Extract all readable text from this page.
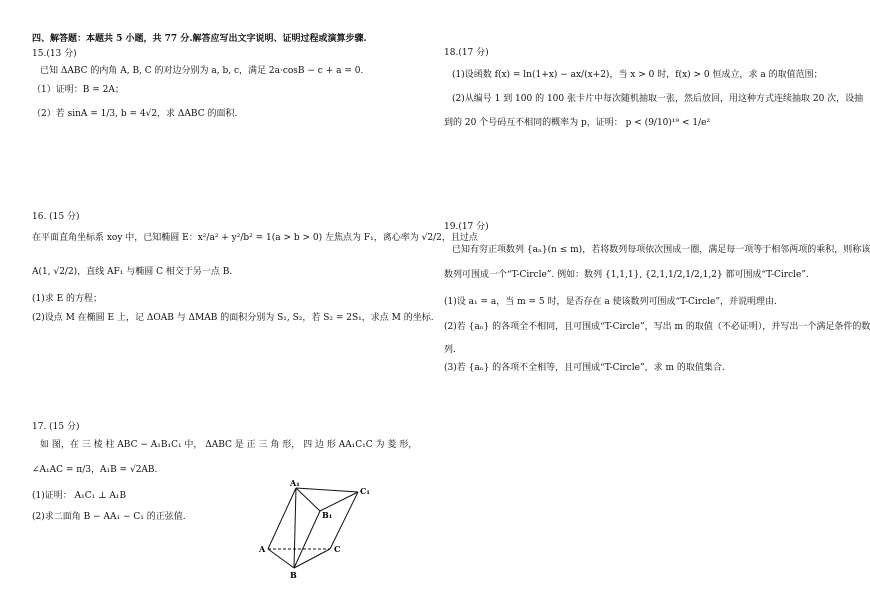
四、解答题：本题共 5 小题，共 77 分.解答应写出文字说明、证明过程或演算步骤.
15.(13 分)
已知 ΔABC 的内角 A, B, C 的对边分别为 a, b, c，满足 2a·cosB − c + a = 0.
（1）证明：B = 2A；
（2）若 sinA = 1/3, b = 4√2，求 ΔABC 的面积.
16. (15 分)
在平面直角坐标系 xoy 中，已知椭圆 E：x²/a² + y²/b² = 1(a > b > 0) 左焦点为 F₁，离心率为 √2/2，且过点
A(1, √2/2)，直线 AF₁ 与椭圆 C 相交于另一点 B.
(1)求 E 的方程；
(2)设点 M 在椭圆 E 上，记 ΔOAB 与 ΔMAB 的面积分别为 S₁, S₂，若 S₂ = 2S₁，求点 M 的坐标.
17. (15 分)
如 图，在 三 棱 柱 ABC − A₁B₁C₁ 中， ΔABC 是 正 三 角 形， 四 边 形 AA₁C₁C 为 菱 形，
∠A₁AC = π/3，A₁B = √2AB.
(1)证明： A₁C₁ ⊥ A₁B
(2)求二面角 B − AA₁ − C₁ 的正弦值.
A₁
C₁
B₁
A	C
B
18.(17 分)
(1)设函数 f(x) = ln(1+x) − ax/(x+2)，当 x > 0 时，f(x) > 0 恒成立，求 a 的取值范围；
(2)从编号 1 到 100 的 100 张卡片中每次随机抽取一张，然后放回，用这种方式连续抽取 20 次，设抽
到的 20 个号码互不相同的概率为 p，证明： p < (9/10)¹⁹ < 1/e²
19.(17 分)
已知有穷正项数列 {aₙ}(n ≤ m)，若将数列每项依次围成一圈，满足每一项等于相邻两项的乘积，则称该
数列可围成一个“T-Circle”. 例如：数列 {1,1,1}, {2,1,1/2,1/2,1,2} 都可围成“T-Circle”.
(1)设 a₁ = a，当 m = 5 时，是否存在 a 使该数列可围成“T-Circle”，并说明理由.
(2)若 {aₙ} 的各项全不相同，且可围成“T-Circle”，写出 m 的取值（不必证明），并写出一个满足条件的数
列.
(3)若 {aₙ} 的各项不全相等，且可围成“T-Circle”，求 m 的取值集合.
